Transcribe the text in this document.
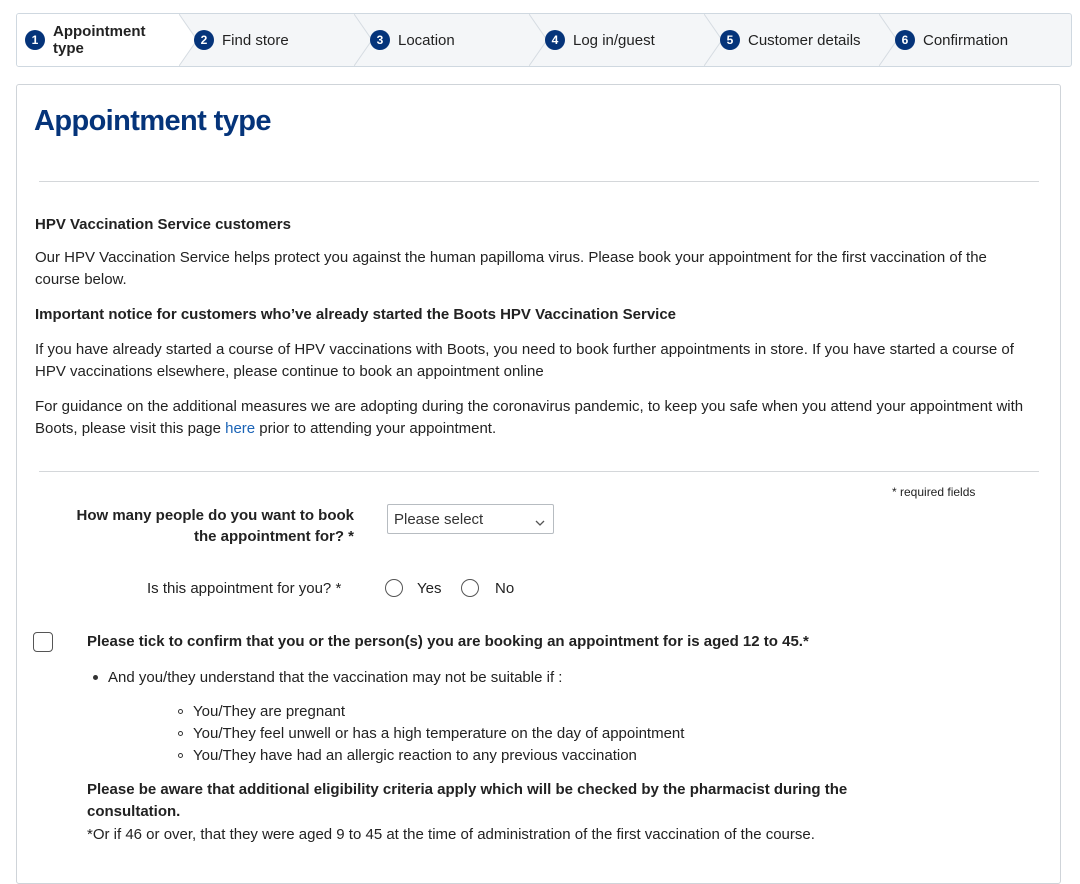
1 Appointment type	2 Find store	3 Location	4 Log in/guest	5 Customer details	6 Confirmation
Appointment type
HPV Vaccination Service customers
Our HPV Vaccination Service helps protect you against the human papilloma virus. Please book your appointment for the first vaccination of the course below.
Important notice for customers who’ve already started the Boots HPV Vaccination Service
If you have already started a course of HPV vaccinations with Boots, you need to book further appointments in store. If you have started a course of HPV vaccinations elsewhere, please continue to book an appointment online
For guidance on the additional measures we are adopting during the coronavirus pandemic, to keep you safe when you attend your appointment with Boots, please visit this page here prior to attending your appointment.
* required fields
How many people do you want to book
the appointment for? *
Please select
Is this appointment for you? *	Yes	No
Please tick to confirm that you or the person(s) you are booking an appointment for is aged 12 to 45.*
And you/they understand that the vaccination may not be suitable if :
You/They are pregnant
You/They feel unwell or has a high temperature on the day of appointment
You/They have had an allergic reaction to any previous vaccination
Please be aware that additional eligibility criteria apply which will be checked by the pharmacist during the
consultation.
*Or if 46 or over, that they were aged 9 to 45 at the time of administration of the first vaccination of the course.
